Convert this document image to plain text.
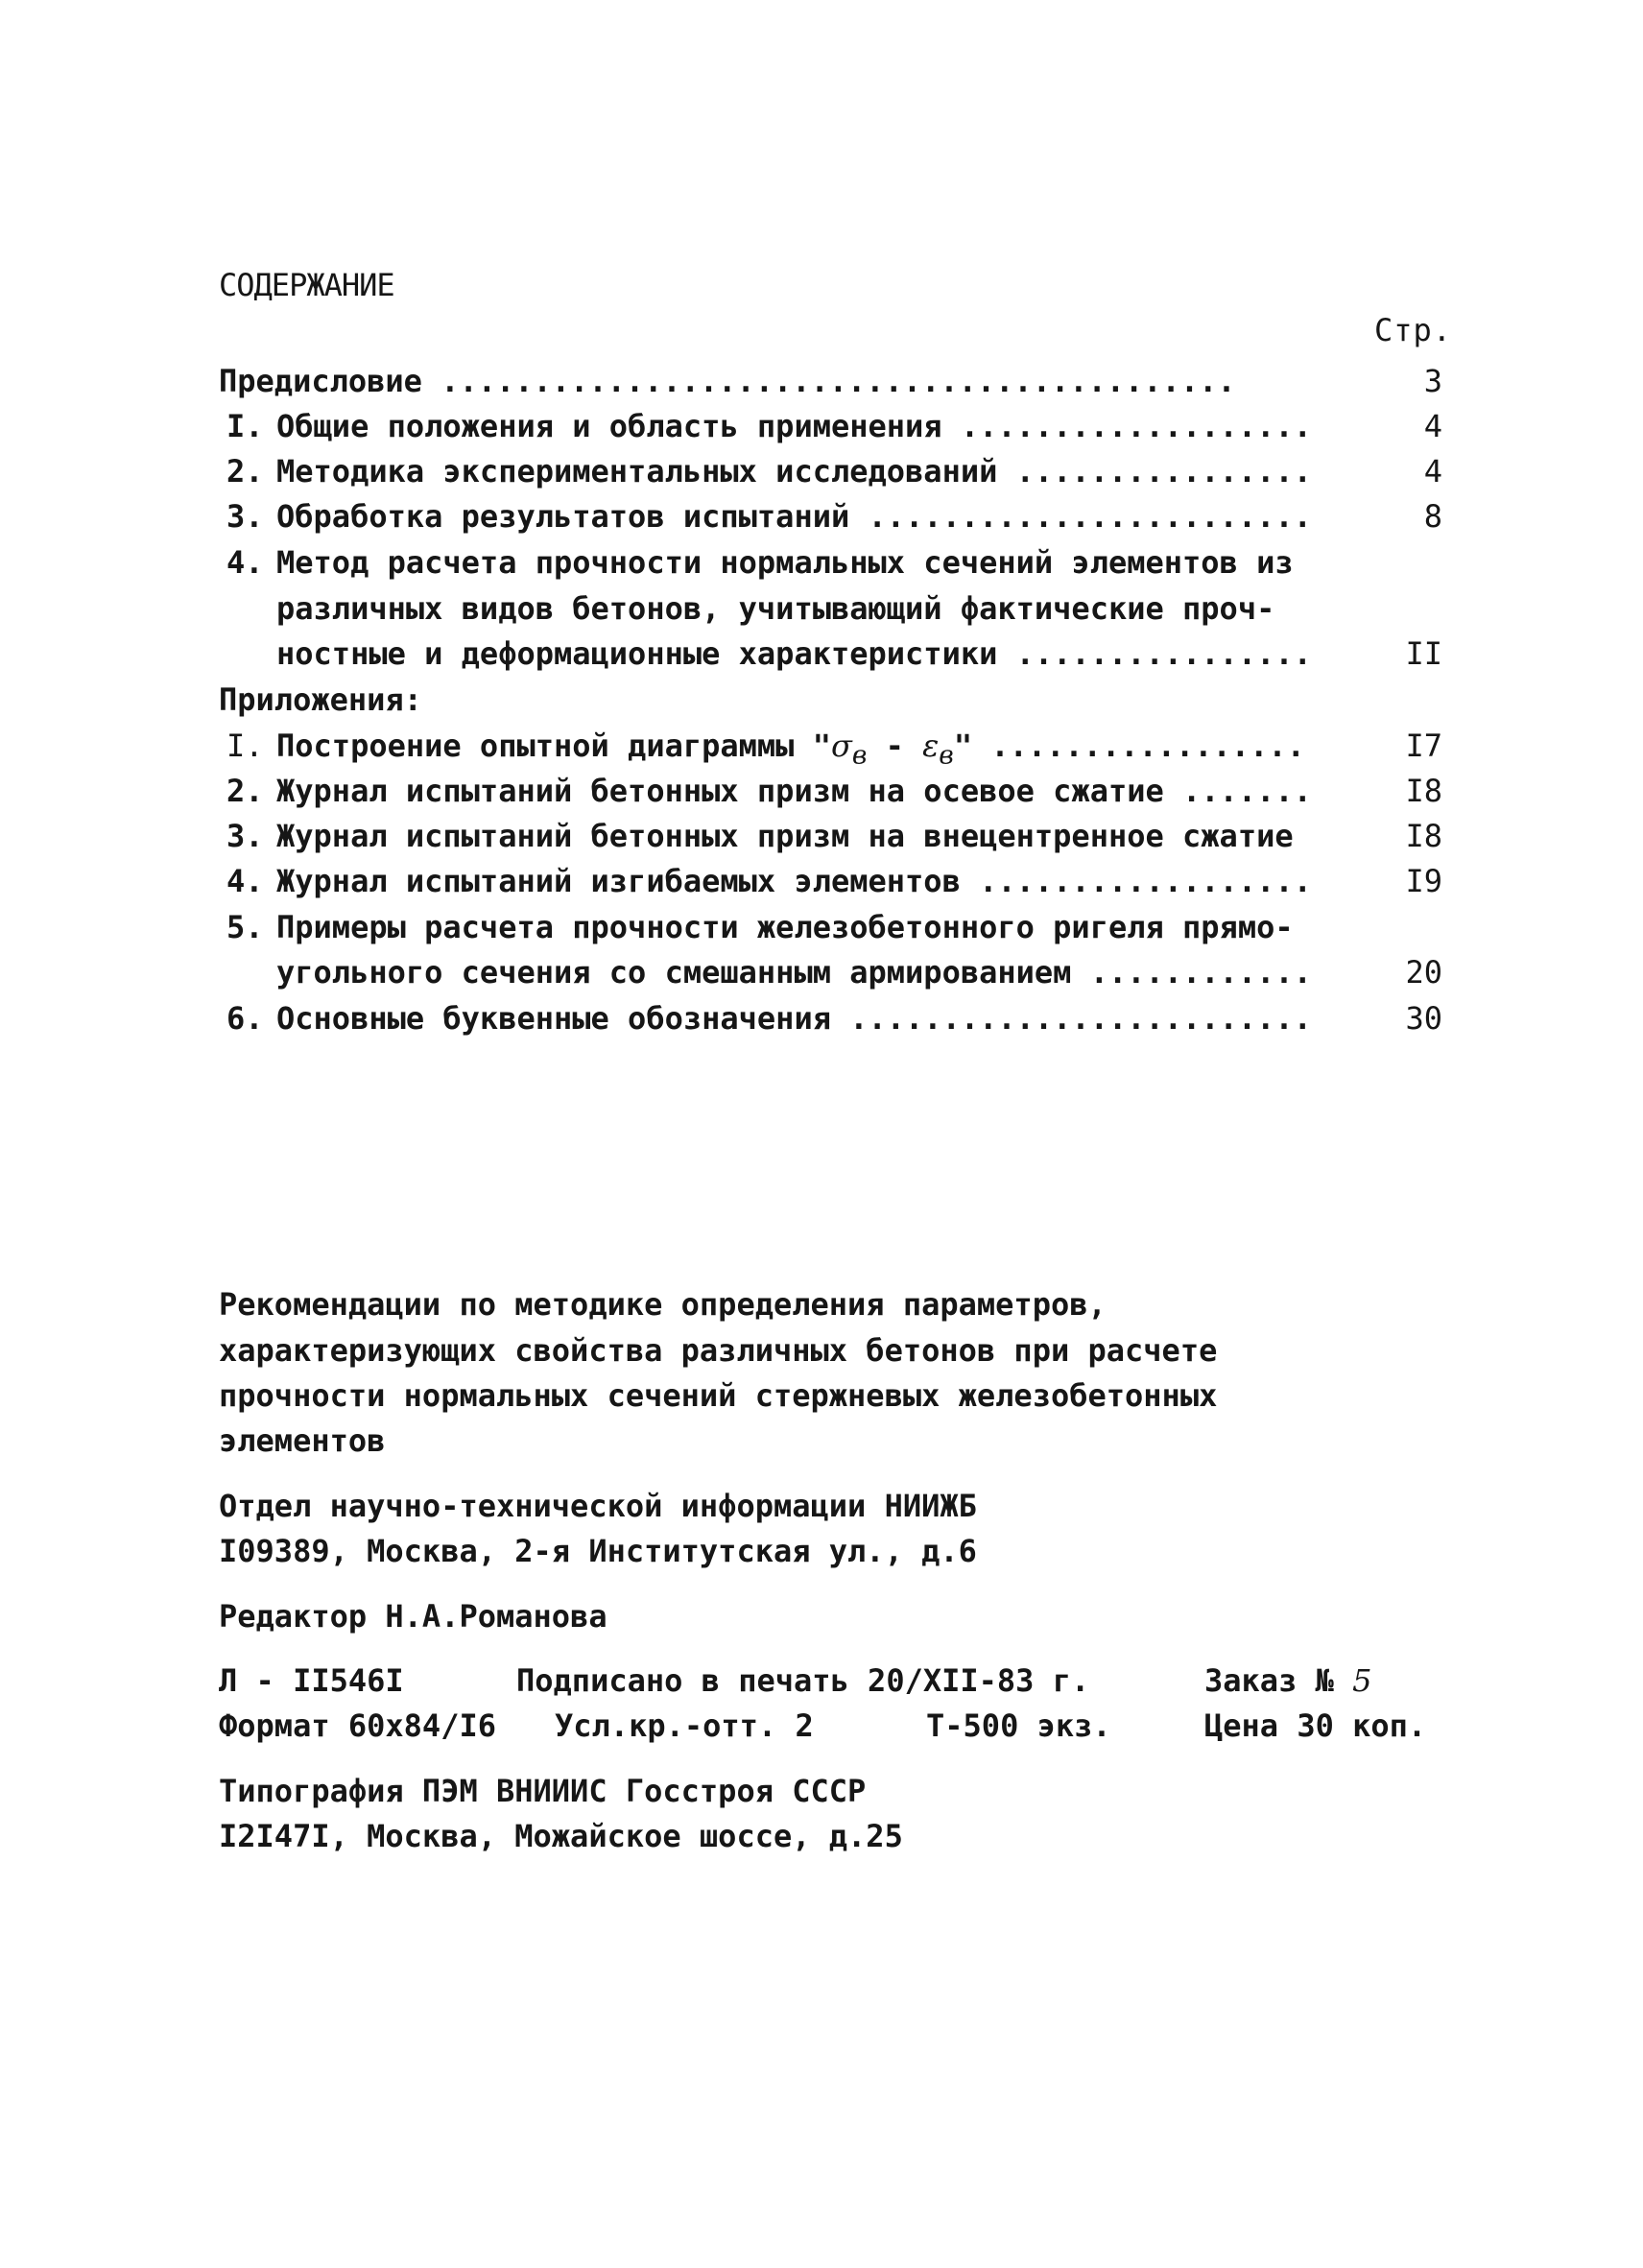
СОДЕРЖАНИЕ
Стр.
Предисловие ...........................................	3
I. Общие положения и область применения ...................	4
2. Методика экспериментальных исследований ................	4
3. Обработка результатов испытаний ........................	8
4. Метод расчета прочности нормальных сечений элементов из
различных видов бетонов, учитывающий фактические проч-
ностные и деформационные характеристики ................	II
Приложения:
I. Построение опытной диаграммы "$\sigma_в - \varepsilon_в$" .................	I7
2. Журнал испытаний бетонных призм на осевое сжатие .......	I8
3. Журнал испытаний бетонных призм на внецентренное сжатие	I8
4. Журнал испытаний изгибаемых элементов ..................	I9
5. Примеры расчета прочности железобетонного ригеля прямо-
угольного сечения со смешанным армированием ............	20
6. Основные буквенные обозначения .........................	30
Рекомендации по методике определения параметров,
характеризующих свойства различных бетонов при расчете
прочности нормальных сечений стержневых железобетонных
элементов
Отдел научно-технической информации НИИЖБ
I09389, Москва, 2-я Институтская ул., д.6
Редактор Н.А.Романова
Л - II546I	Подписано в печать 20/XII-83 г.	Заказ № 5
Формат 60х84/I6 Усл.кр.-отт. 2	Т-500 экз.	Цена 30 коп.
Типография ПЭМ ВНИИИС Госстроя СССР
I2I47I, Москва, Можайское шоссе, д.25
